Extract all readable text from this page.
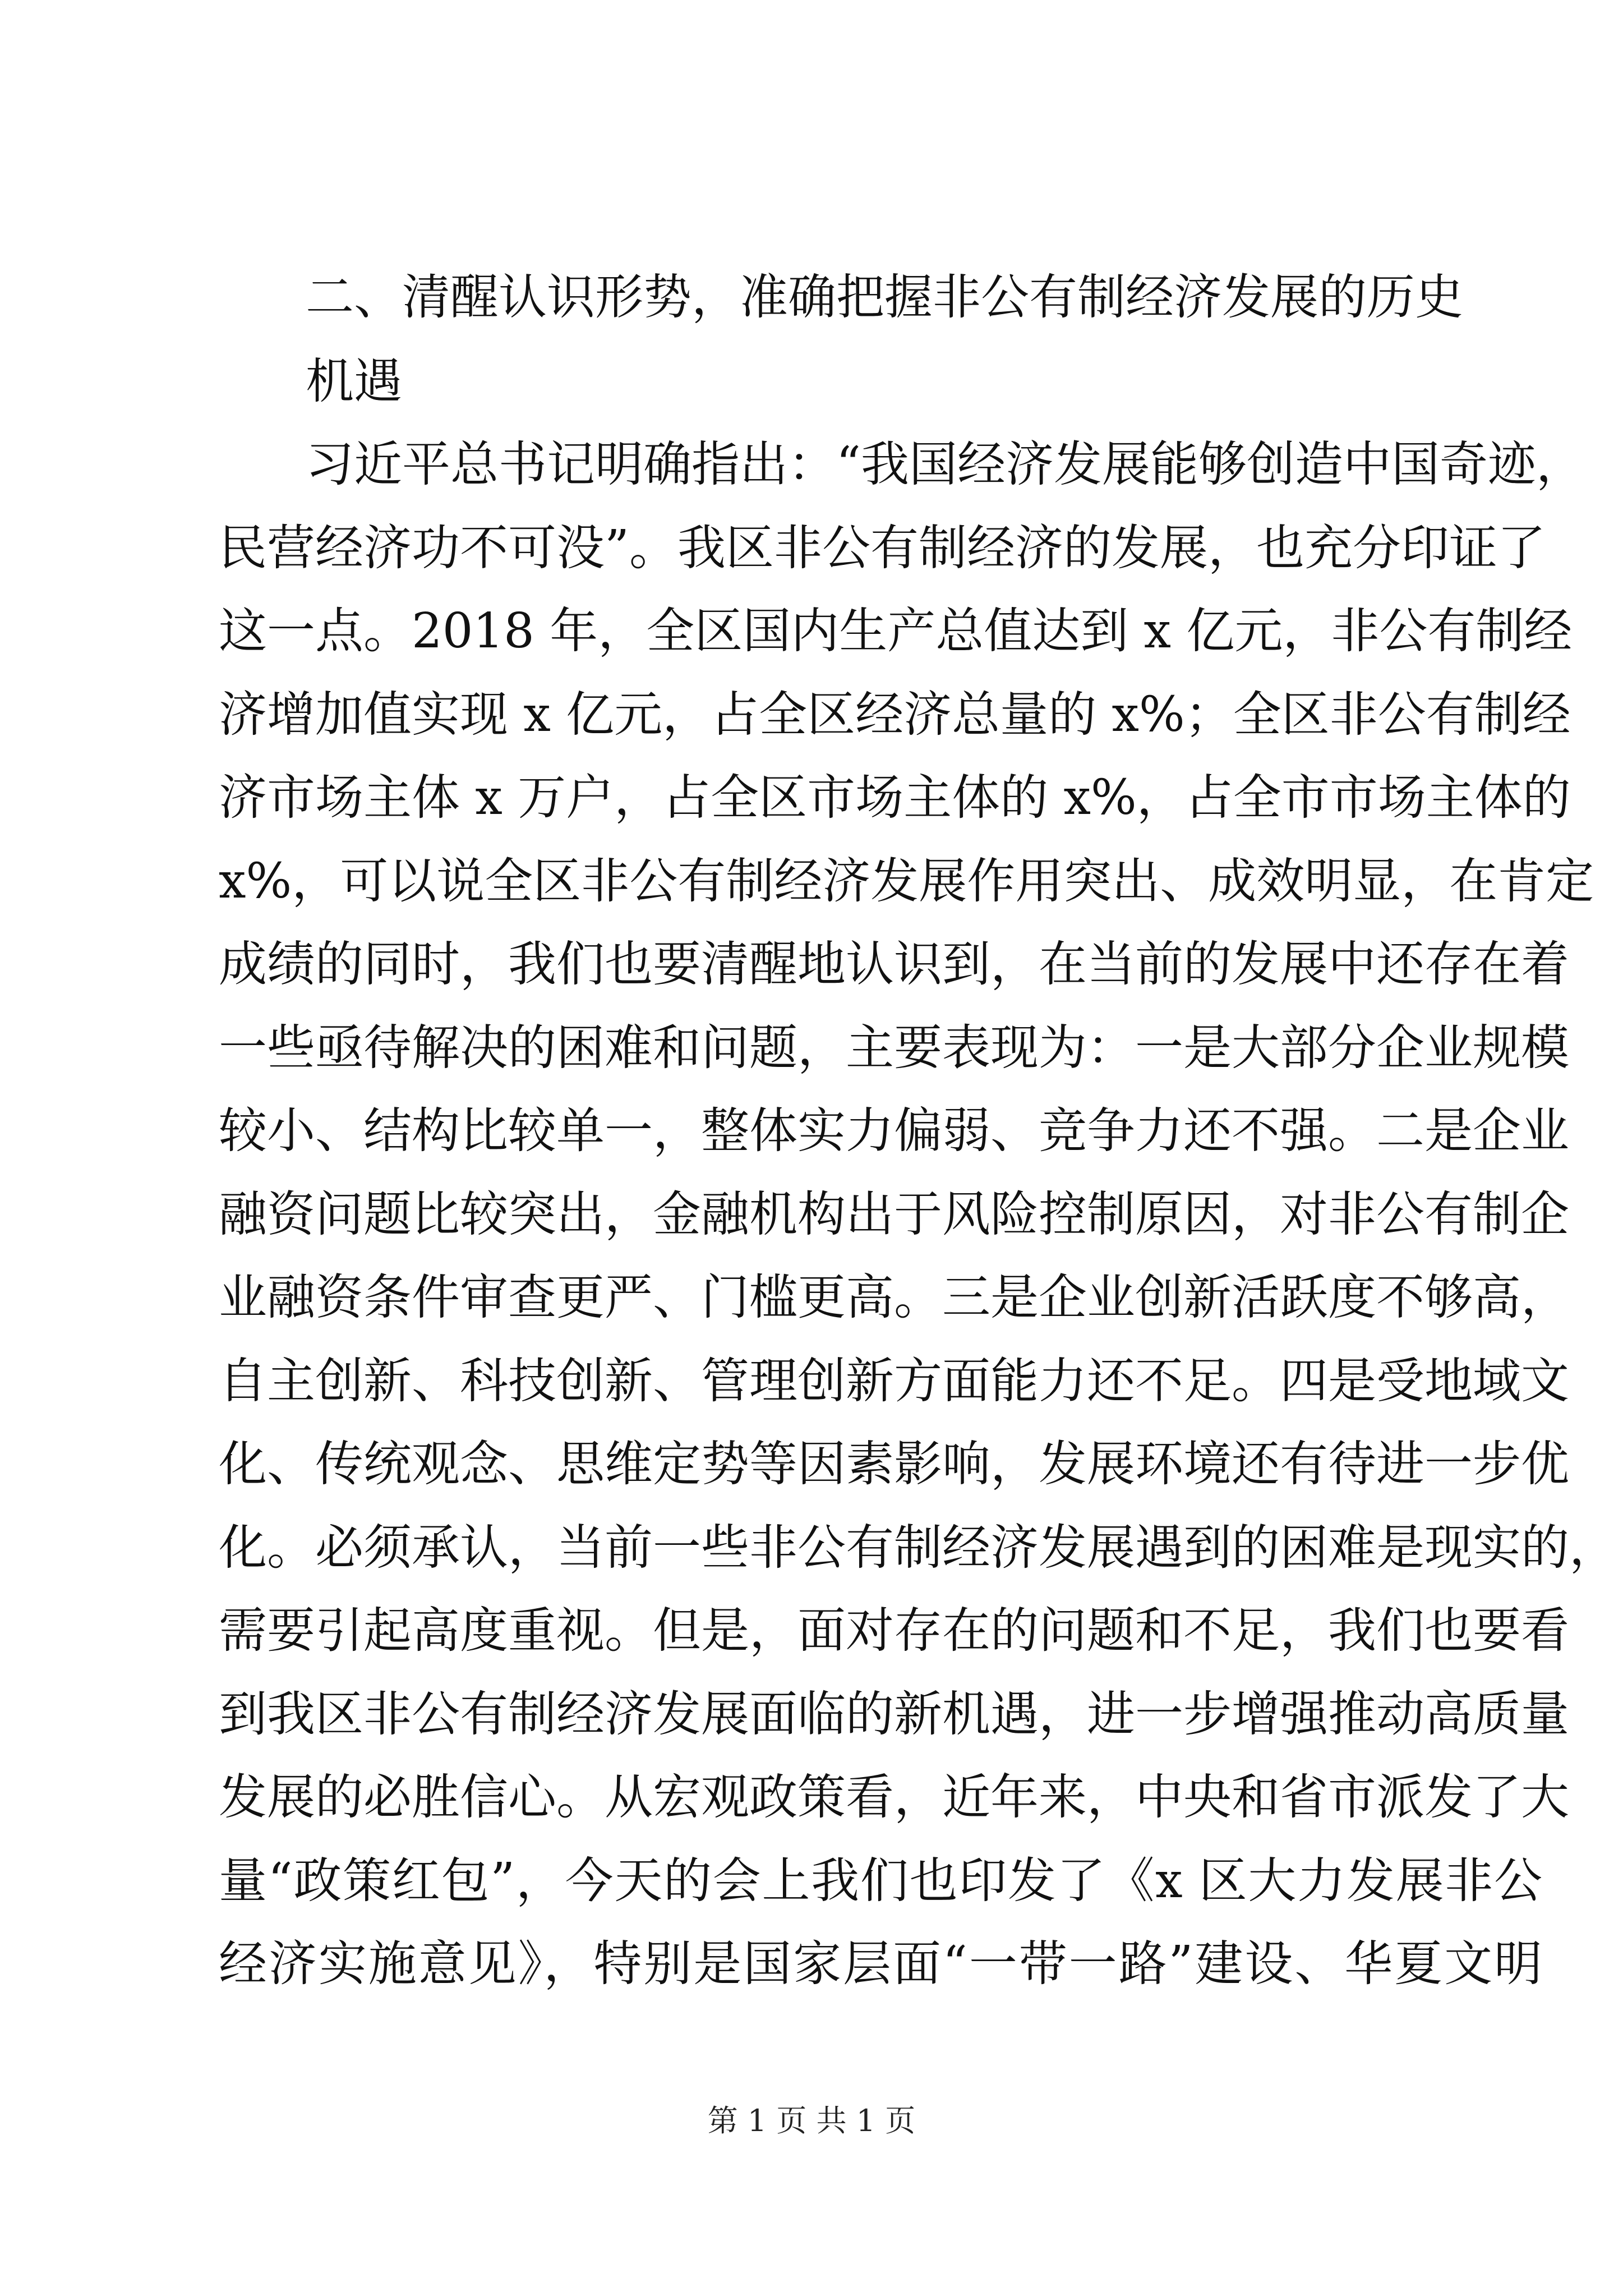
二、清醒认识形势，准确把握非公有制经济发展的历史
机遇
习近平总书记明确指出：“我国经济发展能够创造中国奇迹，
民营经济功不可没”。我区非公有制经济的发展，也充分印证了
这一点。2018 年，全区国内生产总值达到 x 亿元，非公有制经
济增加值实现 x 亿元，占全区经济总量的 x%；全区非公有制经
济市场主体 x 万户，占全区市场主体的 x%，占全市市场主体的
x%，可以说全区非公有制经济发展作用突出、成效明显，在肯定
成绩的同时，我们也要清醒地认识到，在当前的发展中还存在着
一些亟待解决的困难和问题，主要表现为：一是大部分企业规模
较小、结构比较单一，整体实力偏弱、竞争力还不强。二是企业
融资问题比较突出，金融机构出于风险控制原因，对非公有制企
业融资条件审查更严、门槛更高。三是企业创新活跃度不够高，
自主创新、科技创新、管理创新方面能力还不足。四是受地域文
化、传统观念、思维定势等因素影响，发展环境还有待进一步优
化。必须承认，当前一些非公有制经济发展遇到的困难是现实的，
需要引起高度重视。但是，面对存在的问题和不足，我们也要看
到我区非公有制经济发展面临的新机遇，进一步增强推动高质量
发展的必胜信心。从宏观政策看，近年来，中央和省市派发了大
量“政策红包”，今天的会上我们也印发了《x 区大力发展非公
经济实施意见》，特别是国家层面“一带一路”建设、华夏文明
第 1 页 共 1 页
